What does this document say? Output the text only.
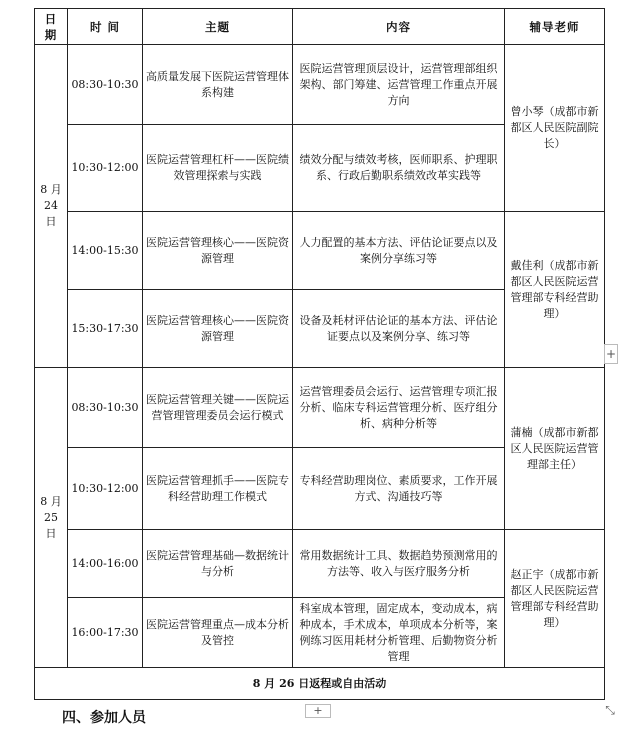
日 期	时 间	主题	内容	辅导老师

8 月
24 日	08:30-10:30	高质量发展下医院运营管理体系构建	医院运营管理顶层设计，运营管理部组织架构、部门筹建、运营管理工作重点开展方向	曾小琴（成都市新都区人民医院副院长）
	10:30-12:00	医院运营管理杠杆——医院绩效管理探索与实践	绩效分配与绩效考核，医师职系、护理职系、行政后勤职系绩效改革实践等	
	14:00-15:30	医院运营管理核心——医院资源管理	人力配置的基本方法、评估论证要点以及案例分享练习等	戴佳利（成都市新都区人民医院运营管理部专科经营助理）
	15:30-17:30	医院运营管理核心——医院资源管理	设备及耗材评估论证的基本方法、评估论证要点以及案例分享、练习等	

8 月
25 日	08:30-10:30	医院运营管理关键——医院运营管理管理委员会运行模式	运营管理委员会运行、运营管理专项汇报分析、临床专科运营管理分析、医疗组分析、病种分析等	蒲楠（成都市新都区人民医院运营管理部主任）
	10:30-12:00	医院运营管理抓手——医院专科经营助理工作模式	专科经营助理岗位、素质要求，工作开展方式、沟通技巧等	
	14:00-16:00	医院运营管理基础—数据统计与分析	常用数据统计工具、数据趋势预测常用的方法等、收入与医疗服务分析	赵正宇（成都市新都区人民医院运营管理部专科经营助理）
	16:00-17:30	医院运营管理重点—成本分析及管控	科室成本管理，固定成本，变动成本，病种成本，手术成本，单项成本分析等，案例练习医用耗材分析管理、后勤物资分析管理	
8 月 26 日返程或自由活动				
+
+	⤡
四、参加人员
